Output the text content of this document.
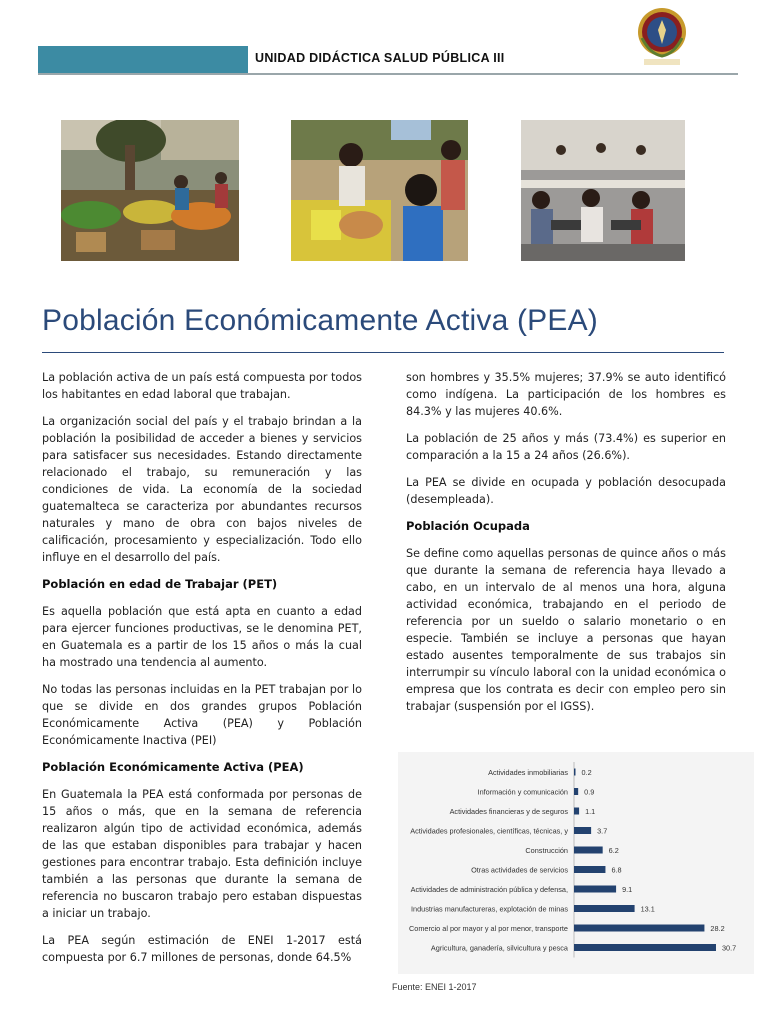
UNIDAD DIDÁCTICA SALUD PÚBLICA III
Población Económicamente Activa (PEA)

La población activa de un país está compuesta por todos los habitantes en edad laboral que trabajan.

La organización social del país y el trabajo brindan a la población la posibilidad de acceder a bienes y servicios para satisfacer sus necesidades. Estando directamente relacionado el trabajo, su remuneración y las condiciones de vida. La economía de la sociedad guatemalteca se caracteriza por abundantes recursos naturales y mano de obra con bajos niveles de calificación, procesamiento y especialización. Todo ello influye en el desarrollo del país.

Población en edad de Trabajar (PET)

Es aquella población que está apta en cuanto a edad para ejercer funciones productivas, se le denomina PET, en Guatemala es a partir de los 15 años o más la cual ha mostrado una tendencia al aumento.

No todas las personas incluidas en la PET trabajan por lo que se divide en dos grandes grupos Población Económicamente Activa (PEA) y Población Económicamente Inactiva (PEI)

Población Económicamente Activa (PEA)

En Guatemala la PEA está conformada por personas de 15 años o más, que en la semana de referencia realizaron algún tipo de actividad económica, además de las que estaban disponibles para trabajar y hacen gestiones para encontrar trabajo. Esta definición incluye también a las personas que durante la semana de referencia no buscaron trabajo pero estaban dispuestas a iniciar un trabajo.

La PEA según estimación de ENEI 1-2017 está compuesta por 6.7 millones de personas, donde 64.5%

son hombres y 35.5% mujeres; 37.9% se auto identificó como indígena. La participación de los hombres es 84.3% y las mujeres 40.6%.

La población de 25 años y más (73.4%) es superior en comparación a la 15 a 24 años (26.6%).

La PEA se divide en ocupada y población desocupada (desempleada).

Población Ocupada

Se define como aquellas personas de quince años o más que durante la semana de referencia haya llevado a cabo, en un intervalo de al menos una hora, alguna actividad económica, trabajando en el periodo de referencia por un sueldo o salario monetario o en especie. También se incluye a personas que hayan estado ausentes temporalmente de sus trabajos sin interrumpir su vínculo laboral con la unidad económica o empresa que los contrata es decir con empleo pero sin trabajar (suspensión por el IGSS).

Actividades inmobiliarias 0.2
Información y comunicación 0.9
Actividades financieras y de seguros 1.1
Actividades profesionales, científicas, técnicas, y	3.7
Construcción	6.2
Otras actividades de servicios	6.8
Actividades de administración pública y defensa,	9.1
Industrias manufactureras, explotación de minas	13.1
Comercio al por mayor y al por menor, transporte	28.2
Agricultura, ganadería, silvicultura y pesca	30.7
Fuente: ENEI 1-2017
